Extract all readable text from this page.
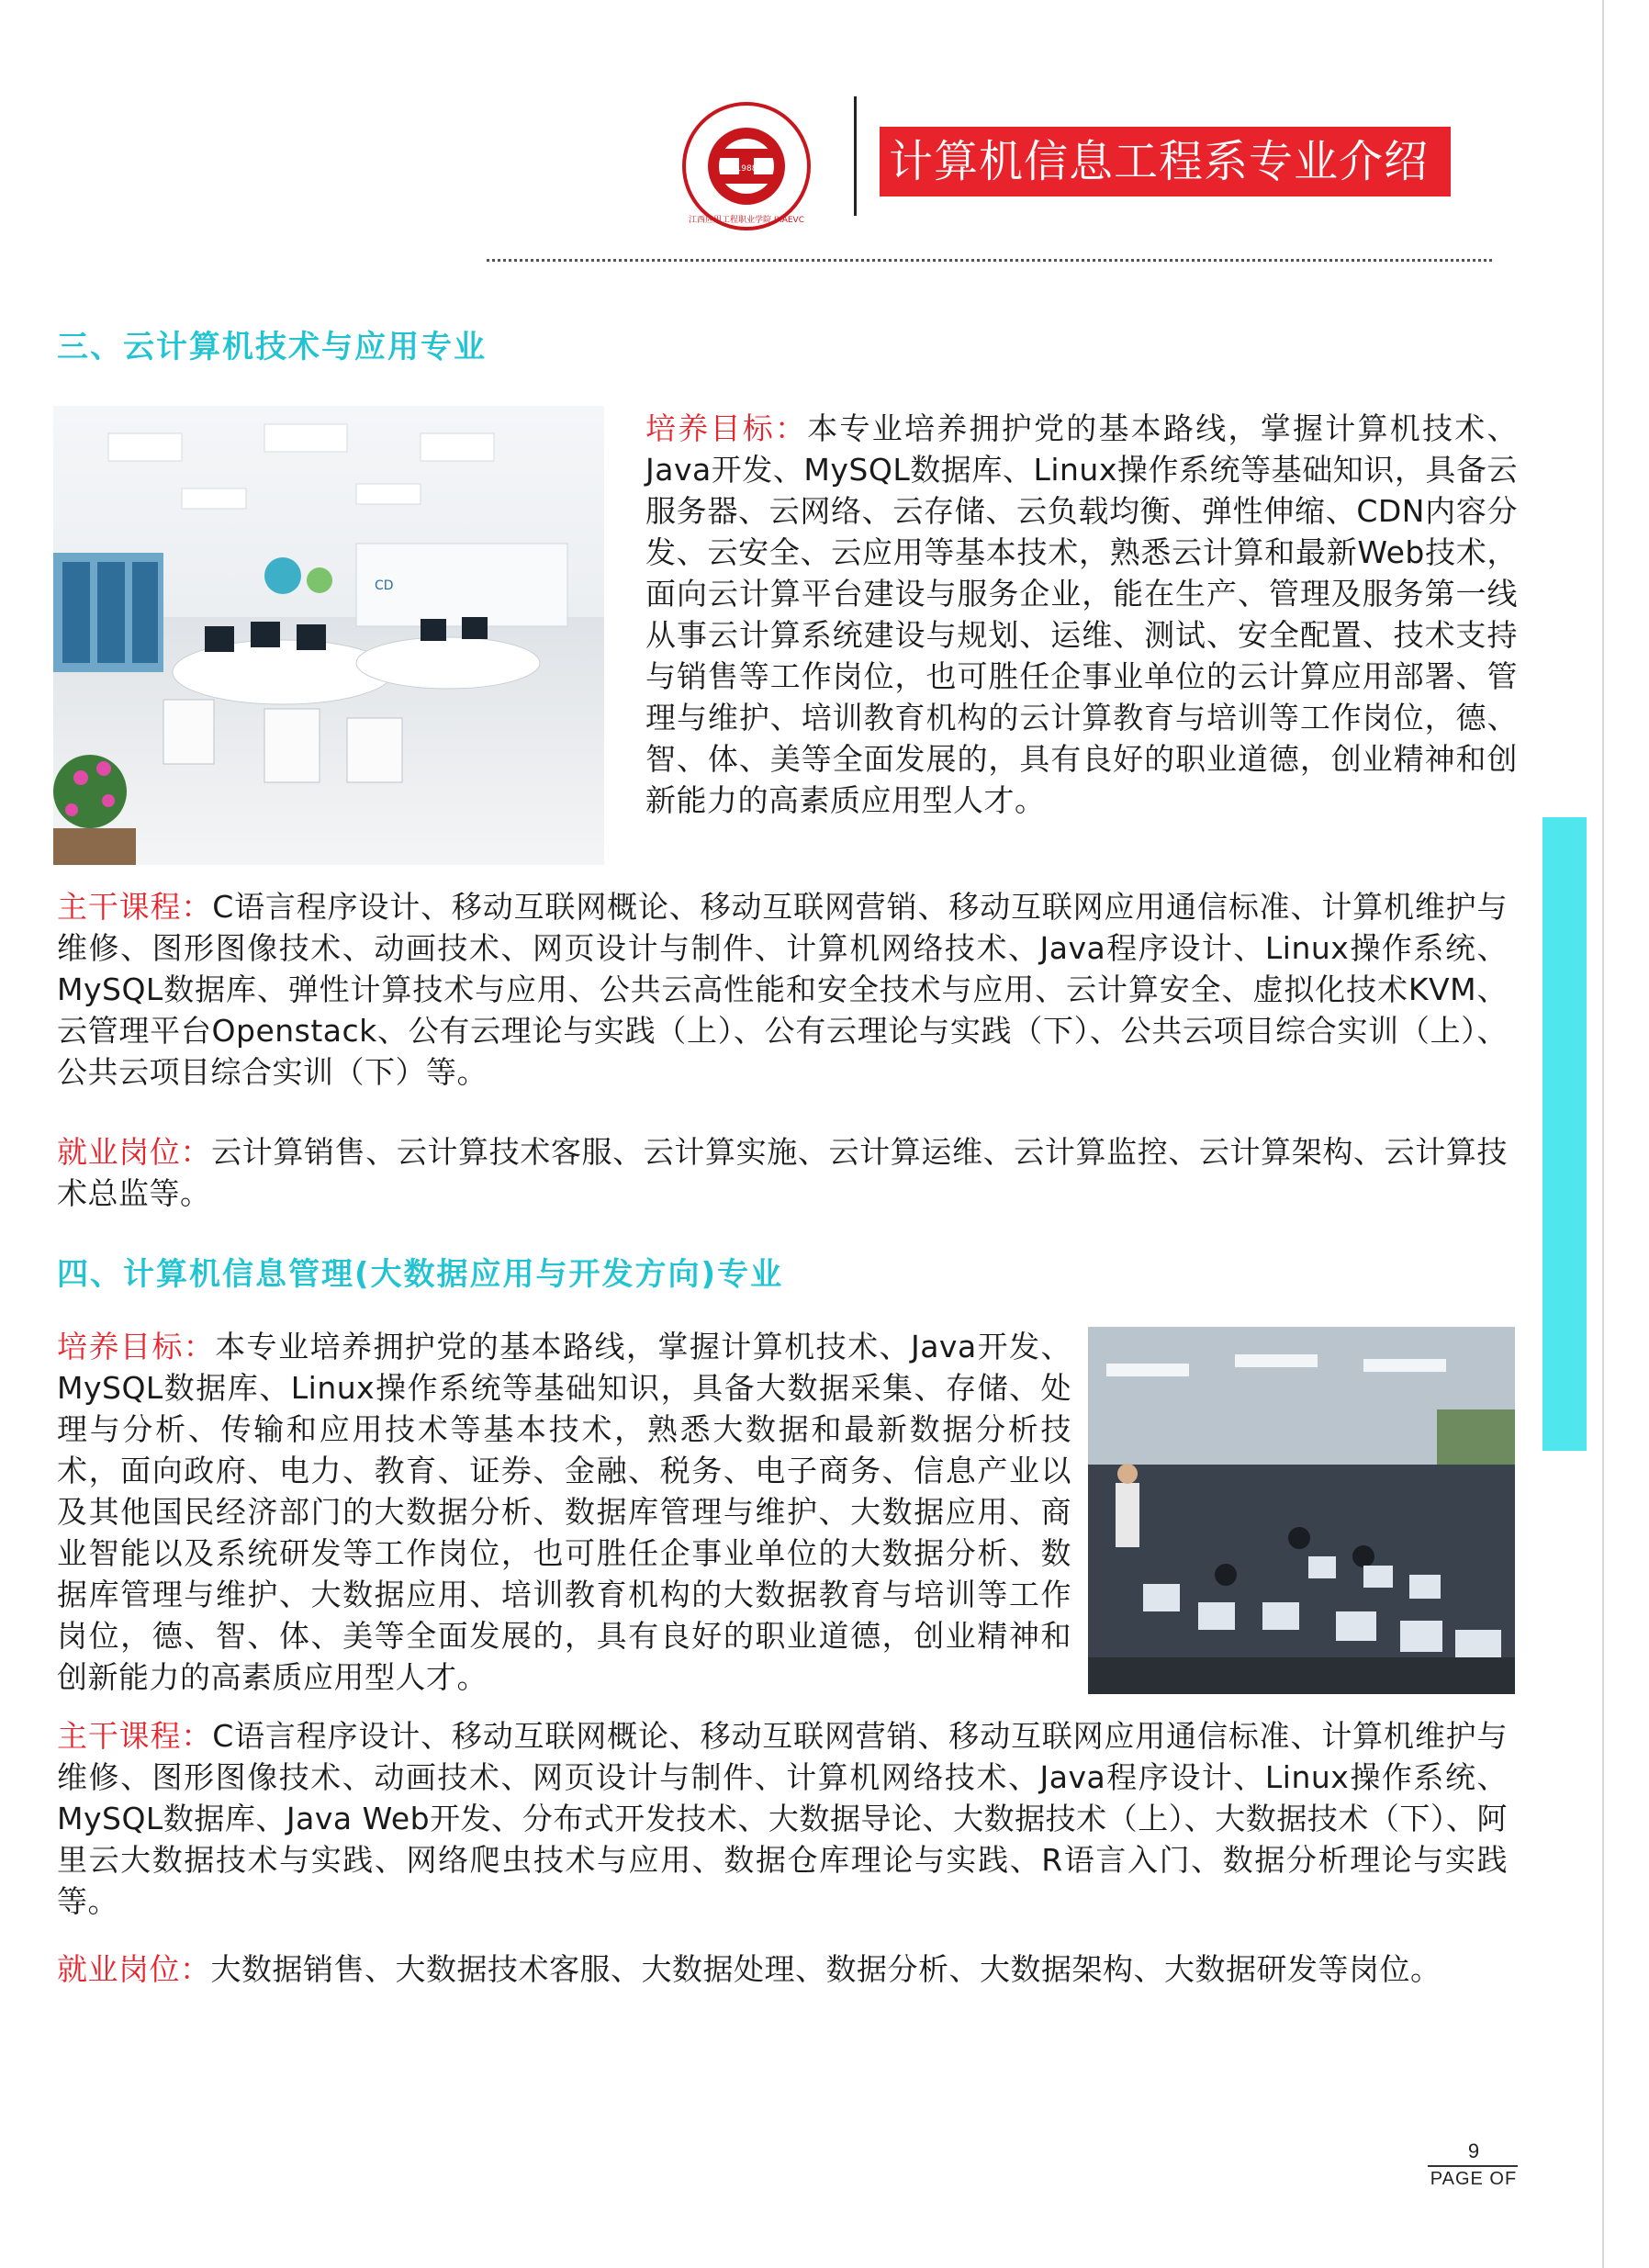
1988
江西应用工程职业学院 JXAEVC
计算机信息工程系专业介绍
三、云计算机技术与应用专业
CD
培养目标：本专业培养拥护党的基本路线，掌握计算机技术、Java开发、MySQL数据库、Linux操作系统等基础知识，具备云服务器、云网络、云存储、云负载均衡、弹性伸缩、CDN内容分发、云安全、云应用等基本技术，熟悉云计算和最新Web技术，面向云计算平台建设与服务企业，能在生产、管理及服务第一线从事云计算系统建设与规划、运维、测试、安全配置、技术支持与销售等工作岗位，也可胜任企事业单位的云计算应用部署、管理与维护、培训教育机构的云计算教育与培训等工作岗位，德、智、体、美等全面发展的，具有良好的职业道德，创业精神和创新能力的高素质应用型人才。
主干课程：C语言程序设计、移动互联网概论、移动互联网营销、移动互联网应用通信标准、计算机维护与维修、图形图像技术、动画技术、网页设计与制件、计算机网络技术、Java程序设计、Linux操作系统、MySQL数据库、弹性计算技术与应用、公共云高性能和安全技术与应用、云计算安全、虚拟化技术KVM、云管理平台Openstack、公有云理论与实践（上）、公有云理论与实践（下）、公共云项目综合实训（上）、公共云项目综合实训（下）等。
就业岗位：云计算销售、云计算技术客服、云计算实施、云计算运维、云计算监控、云计算架构、云计算技术总监等。
四、计算机信息管理(大数据应用与开发方向)专业
培养目标：本专业培养拥护党的基本路线，掌握计算机技术、Java开发、MySQL数据库、Linux操作系统等基础知识，具备大数据采集、存储、处理与分析、传输和应用技术等基本技术，熟悉大数据和最新数据分析技术，面向政府、电力、教育、证券、金融、税务、电子商务、信息产业以及其他国民经济部门的大数据分析、数据库管理与维护、大数据应用、商业智能以及系统研发等工作岗位，也可胜任企事业单位的大数据分析、数据库管理与维护、大数据应用、培训教育机构的大数据教育与培训等工作岗位，德、智、体、美等全面发展的，具有良好的职业道德，创业精神和创新能力的高素质应用型人才。
主干课程：C语言程序设计、移动互联网概论、移动互联网营销、移动互联网应用通信标准、计算机维护与维修、图形图像技术、动画技术、网页设计与制件、计算机网络技术、Java程序设计、Linux操作系统、MySQL数据库、Java Web开发、分布式开发技术、大数据导论、大数据技术（上）、大数据技术（下）、阿里云大数据技术与实践、网络爬虫技术与应用、数据仓库理论与实践、R语言入门、数据分析理论与实践等。
就业岗位：大数据销售、大数据技术客服、大数据处理、数据分析、大数据架构、大数据研发等岗位。
9
PAGE OF
